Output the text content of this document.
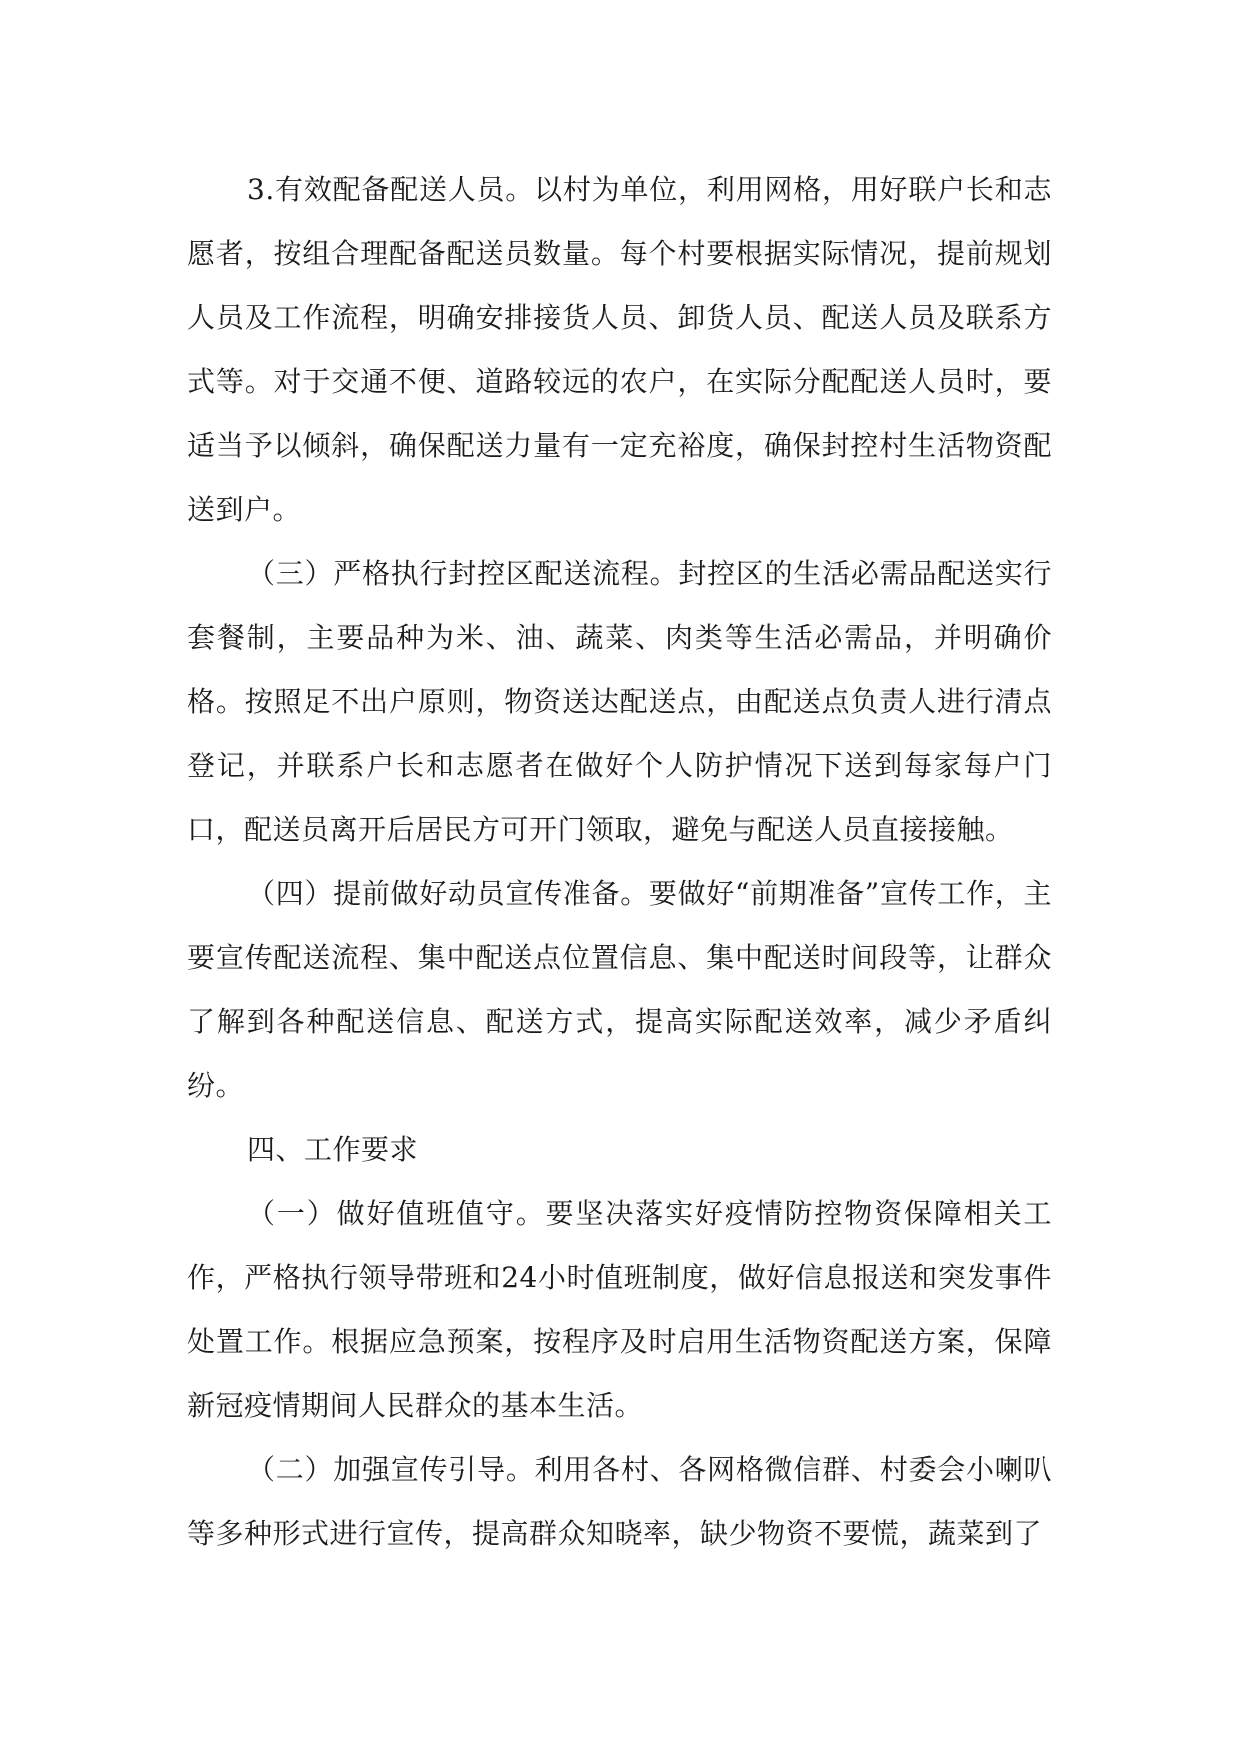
3.有效配备配送人员。以村为单位，利用网格，用好联户长和志愿者，按组合理配备配送员数量。每个村要根据实际情况，提前规划人员及工作流程，明确安排接货人员、卸货人员、配送人员及联系方式等。对于交通不便、道路较远的农户，在实际分配配送人员时，要适当予以倾斜，确保配送力量有一定充裕度，确保封控村生活物资配送到户。

（三）严格执行封控区配送流程。封控区的生活必需品配送实行套餐制，主要品种为米、油、蔬菜、肉类等生活必需品，并明确价格。按照足不出户原则，物资送达配送点，由配送点负责人进行清点登记，并联系户长和志愿者在做好个人防护情况下送到每家每户门口，配送员离开后居民方可开门领取，避免与配送人员直接接触。

（四）提前做好动员宣传准备。要做好“前期准备”宣传工作，主要宣传配送流程、集中配送点位置信息、集中配送时间段等，让群众了解到各种配送信息、配送方式，提高实际配送效率，减少矛盾纠纷。

四、工作要求

（一）做好值班值守。要坚决落实好疫情防控物资保障相关工作，严格执行领导带班和24小时值班制度，做好信息报送和突发事件处置工作。根据应急预案，按程序及时启用生活物资配送方案，保障新冠疫情期间人民群众的基本生活。

（二）加强宣传引导。利用各村、各网格微信群、村委会小喇叭等多种形式进行宣传，提高群众知晓率，缺少物资不要慌，蔬菜到了
